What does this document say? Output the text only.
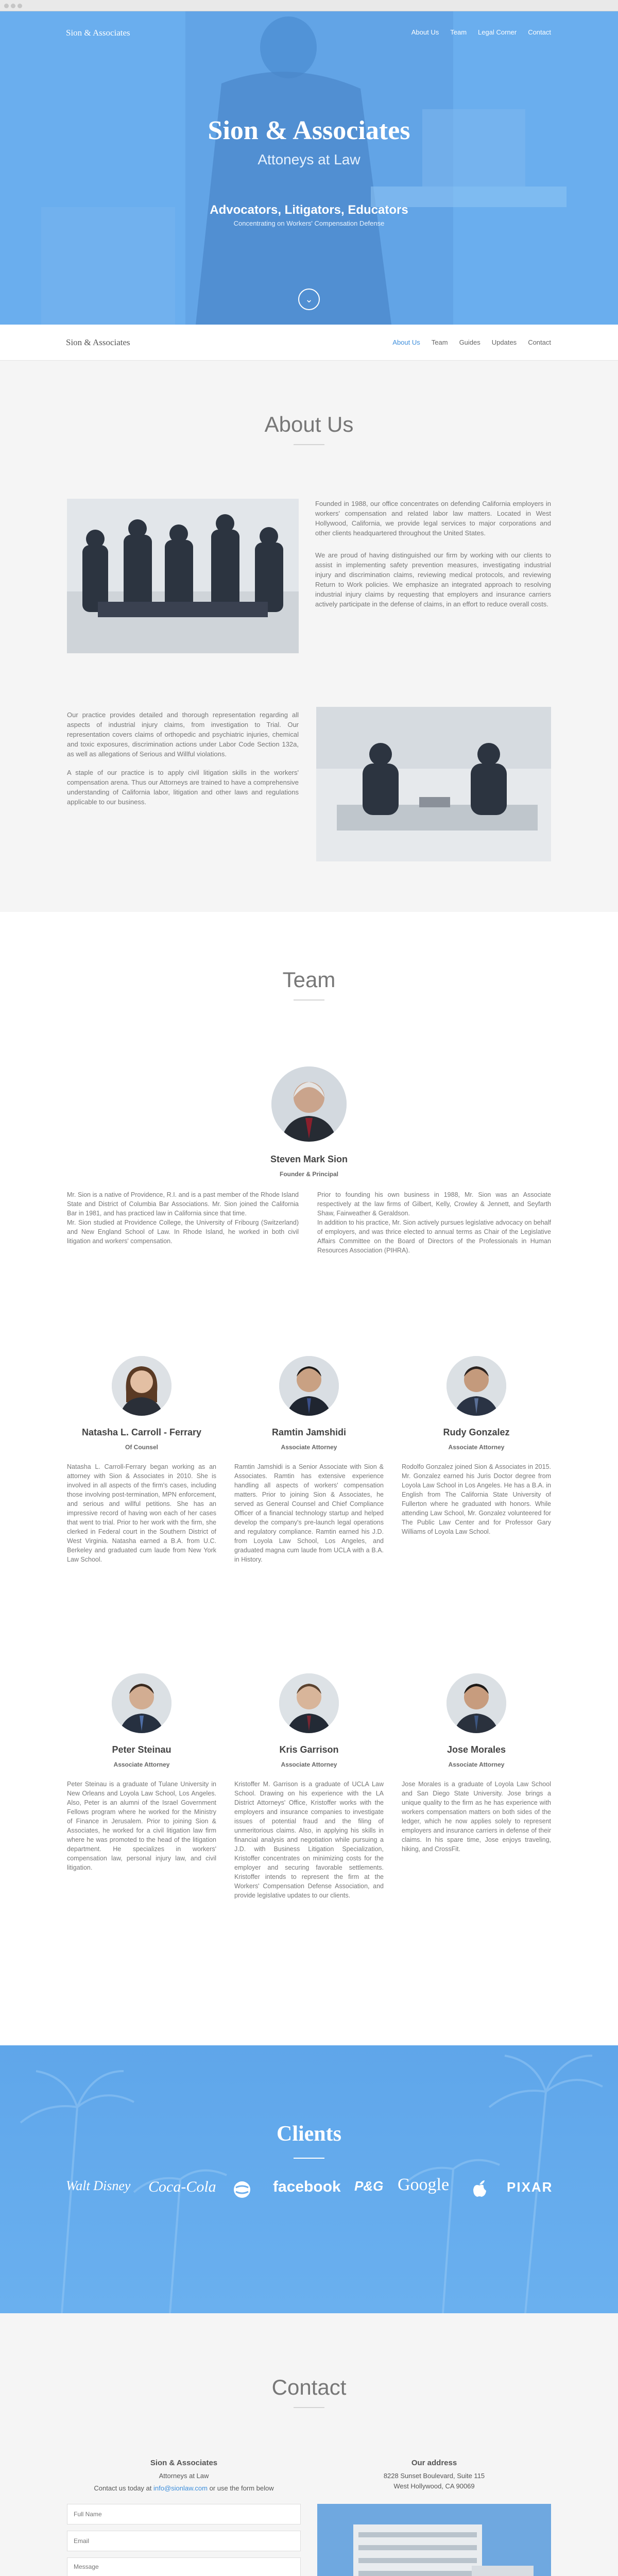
Sion & Associates	About Us Team Legal Corner Contact
Sion & Associates
Attoneys at Law
Advocators, Litigators, Educators
Concentrating on Workers' Compensation Defense
⌄
Sion & Associates	About Us Team Guides Updates Contact
About Us

Founded in 1988, our office concentrates on defending California employers in workers' compensation and related labor law matters. Located in West Hollywood, California, we provide legal services to major corporations and other clients headquartered throughout the United States.

We are proud of having distinguished our firm by working with our clients to assist in implementing safety prevention measures, investigating industrial injury and discrimination claims, reviewing medical protocols, and reviewing Return to Work policies. We emphasize an integrated approach to resolving industrial injury claims by requesting that employers and insurance carriers actively participate in the defense of claims, in an effort to reduce overall costs.

Our practice provides detailed and thorough representation regarding all aspects of industrial injury claims, from investigation to Trial. Our representation covers claims of orthopedic and psychiatric injuries, chemical and toxic exposures, discrimination actions under Labor Code Section 132a, as well as allegations of Serious and Willful violations.

A staple of our practice is to apply civil litigation skills in the workers' compensation arena. Thus our Attorneys are trained to have a comprehensive understanding of California labor, litigation and other laws and regulations applicable to our business.

Team
Steven Mark Sion
Founder & Principal

Mr. Sion is a native of Providence, R.I. and is a past member of the Rhode Island State and District of Columbia Bar Associations. Mr. Sion joined the California Bar in 1981, and has practiced law in California since that time.
Mr. Sion studied at Providence College, the University of Fribourg (Switzerland) and New England School of Law. In Rhode Island, he worked in both civil litigation and workers' compensation.

Prior to founding his own business in 1988, Mr. Sion was an Associate respectively at the law firms of Gilbert, Kelly, Crowley & Jennett, and Seyfarth Shaw, Fairweather & Geraldson.
In addition to his practice, Mr. Sion actively pursues legislative advocacy on behalf of employers, and was thrice elected to annual terms as Chair of the Legislative Affairs Committee on the Board of Directors of the Professionals in Human Resources Association (PIHRA).

Natasha L. Carroll - Ferrary
Of Counsel

Natasha L. Carroll-Ferrary began working as an attorney with Sion & Associates in 2010. She is involved in all aspects of the firm's cases, including those involving post-termination, MPN enforcement, and serious and willful petitions. She has an impressive record of having won each of her cases that went to trial. Prior to her work with the firm, she clerked in Federal court in the Southern District of West Virginia. Natasha earned a B.A. from U.C. Berkeley and graduated cum laude from New York Law School.

Ramtin Jamshidi
Associate Attorney

Ramtin Jamshidi is a Senior Associate with Sion & Associates. Ramtin has extensive experience handling all aspects of workers' compensation matters. Prior to joining Sion & Associates, he served as General Counsel and Chief Compliance Officer of a financial technology startup and helped develop the company's pre-launch legal operations and regulatory compliance. Ramtin earned his J.D. from Loyola Law School, Los Angeles, and graduated magna cum laude from UCLA with a B.A. in History.

Rudy Gonzalez
Associate Attorney

Rodolfo Gonzalez joined Sion & Associates in 2015. Mr. Gonzalez earned his Juris Doctor degree from Loyola Law School in Los Angeles. He has a B.A. in English from The California State University of Fullerton where he graduated with honors. While attending Law School, Mr. Gonzalez volunteered for The Public Law Center and for Professor Gary Williams of Loyola Law School.

Peter Steinau
Associate Attorney

Peter Steinau is a graduate of Tulane University in New Orleans and Loyola Law School, Los Angeles. Also, Peter is an alumni of the Israel Government Fellows program where he worked for the Ministry of Finance in Jerusalem. Prior to joining Sion & Associates, he worked for a civil litigation law firm where he was promoted to the head of the litigation department. He specializes in workers' compensation law, personal injury law, and civil litigation.

Kris Garrison
Associate Attorney

Kristoffer M. Garrison is a graduate of UCLA Law School. Drawing on his experience with the LA District Attorneys' Office, Kristoffer works with the employers and insurance companies to investigate issues of potential fraud and the filing of unmeritorious claims. Also, in applying his skills in financial analysis and negotiation while pursuing a J.D. with Business Litigation Specialization, Kristoffer concentrates on minimizing costs for the employer and securing favorable settlements. Kristoffer intends to represent the firm at the Workers' Compensation Defense Association, and provide legislative updates to our clients.

Jose Morales
Associate Attorney

Jose Morales is a graduate of Loyola Law School and San Diego State University. Jose brings a unique quality to the firm as he has experience with workers compensation matters on both sides of the ledger, which he now applies solely to represent employers and insurance carriers in defense of their claims. In his spare time, Jose enjoys traveling, hiking, and CrossFit.

Clients
Walt Disney Coca-Cola	facebook P&G Google	PIXAR
Contact
Sion & Associates
Attorneys at Law
Contact us today at info@sionlaw.com or use the form below
Our address
8228 Sunset Boulevard, Suite 115
West Hollywood, CA 90069
Full Name
Email
Message
